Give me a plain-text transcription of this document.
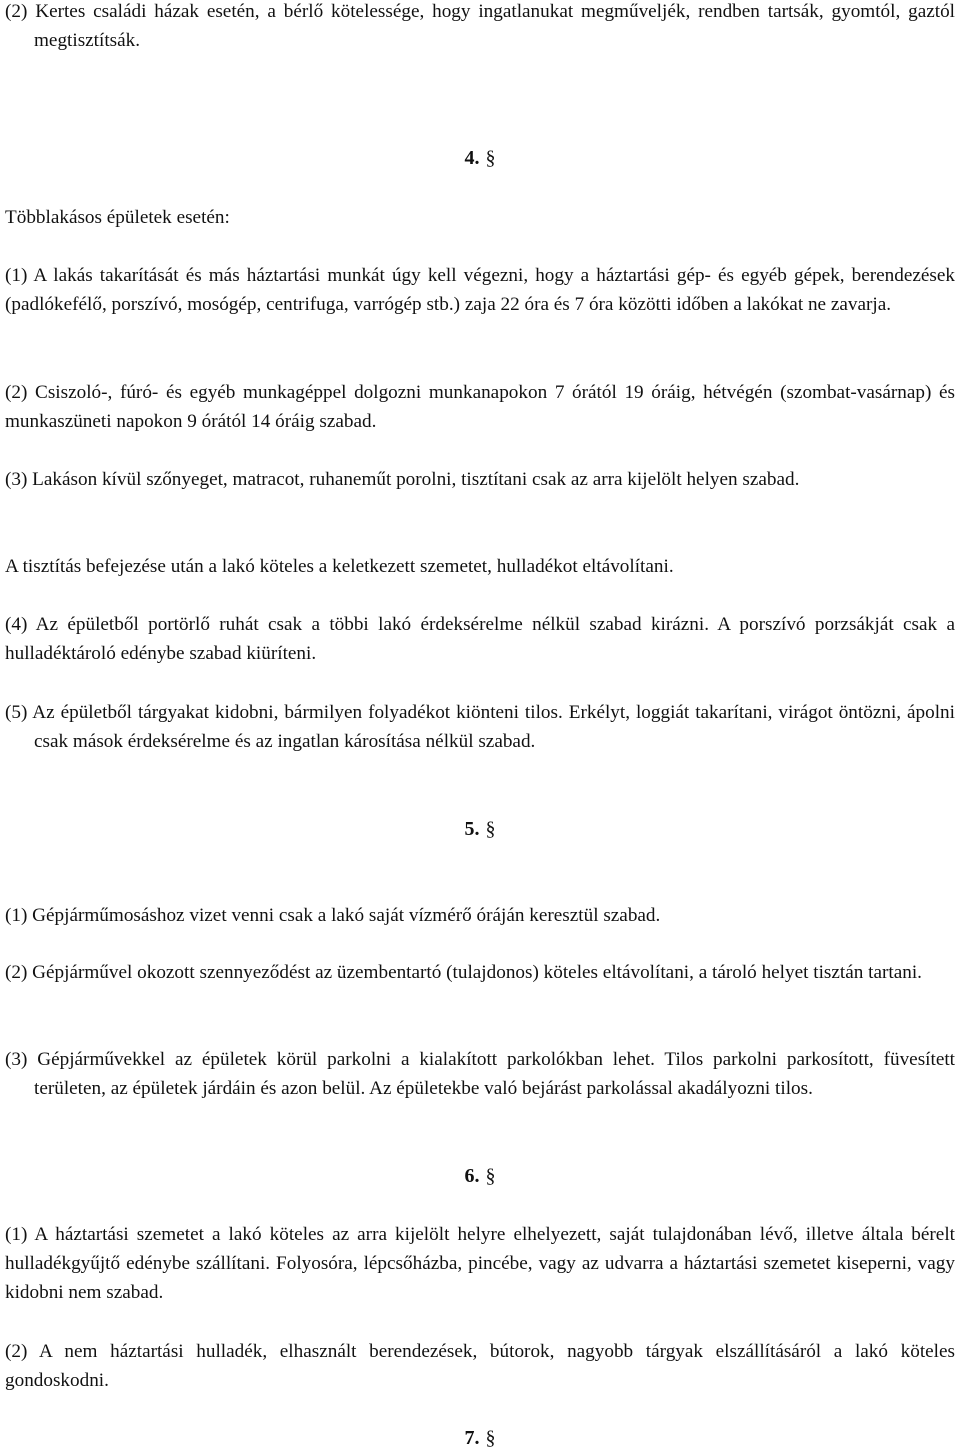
(2) Kertes családi házak esetén, a bérlő kötelessége, hogy ingatlanukat megműveljék, rendben tartsák, gyomtól, gaztól megtisztítsák.

4. §

Többlakásos épületek esetén:

(1) A lakás takarítását és más háztartási munkát úgy kell végezni, hogy a háztartási gép- és egyéb gépek, berendezések (padlókefélő, porszívó, mosógép, centrifuga, varrógép stb.) zaja 22 óra és 7 óra közötti időben a lakókat ne zavarja.

(2) Csiszoló-, fúró- és egyéb munkagéppel dolgozni munkanapokon 7 órától 19 óráig, hétvégén (szombat-vasárnap) és munkaszüneti napokon 9 órától 14 óráig szabad.

(3) Lakáson kívül szőnyeget, matracot, ruhaneműt porolni, tisztítani csak az arra kijelölt helyen szabad.

A tisztítás befejezése után a lakó köteles a keletkezett szemetet, hulladékot eltávolítani.

(4) Az épületből portörlő ruhát csak a többi lakó érdeksérelme nélkül szabad kirázni. A porszívó porzsákját csak a hulladéktároló edénybe szabad kiüríteni.

(5) Az épületből tárgyakat kidobni, bármilyen folyadékot kiönteni tilos. Erkélyt, loggiát takarítani, virágot öntözni, ápolni csak mások érdeksérelme és az ingatlan károsítása nélkül szabad.

5. §

(1) Gépjárműmosáshoz vizet venni csak a lakó saját vízmérő óráján keresztül szabad.

(2) Gépjárművel okozott szennyeződést az üzembentartó (tulajdonos) köteles eltávolítani, a tároló helyet tisztán tartani.

(3) Gépjárművekkel az épületek körül parkolni a kialakított parkolókban lehet. Tilos parkolni parkosított, füvesített területen, az épületek járdáin és azon belül. Az épületekbe való bejárást parkolással akadályozni tilos.

6. §

(1) A háztartási szemetet a lakó köteles az arra kijelölt helyre elhelyezett, saját tulajdonában lévő, illetve általa bérelt hulladékgyűjtő edénybe szállítani. Folyosóra, lépcsőházba, pincébe, vagy az udvarra a háztartási szemetet kiseperni, vagy kidobni nem szabad.

(2) A nem háztartási hulladék, elhasznált berendezések, bútorok, nagyobb tárgyak elszállításáról a lakó köteles gondoskodni.

7. §
